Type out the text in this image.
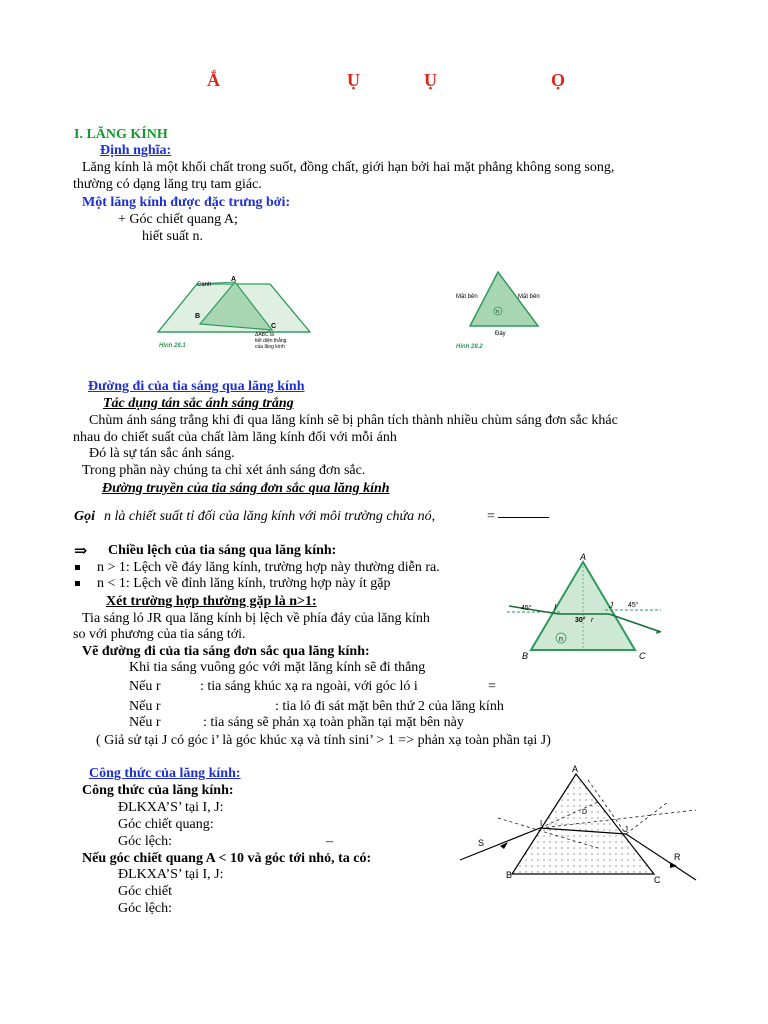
Ắ	Ụ	Ụ	Ọ
I. LĂNG KÍNH
Định nghĩa:
Lăng kính là một khối chất trong suốt, đồng chất, giới hạn bởi hai mặt phẳng không song song,
thường có dạng lăng trụ tam giác.
Một lăng kính được đặc trưng bởi:
+ Góc chiết quang A;
hiết suất n.
Cạnh
A
B
C
ΔABC là
tiết diện thẳng
của lăng kính
Hình 28.1
n
Mặt bên	Mặt bên
Đáy
Hình 28.2
Đường đi của tia sáng qua lăng kính
Tác dụng tán sắc ánh sáng trắng
Chùm ánh sáng trắng khi đi qua lăng kính sẽ bị phân tích thành nhiều chùm sáng đơn sắc khác
nhau do chiết suất của chất làm lăng kính đối với mỗi ánh
Đó là sự tán sắc ánh sáng.
Trong phần này chúng ta chỉ xét ánh sáng đơn sắc.
Đường truyền của tia sáng đơn sắc qua lăng kính
Gọi n là chiết suất tỉ đối của lăng kính với môi trường chứa nó,	=
⇒ Chiều lệch của tia sáng qua lăng kính:
n > 1: Lệch về đáy lăng kính, trường hợp này thường diễn ra.
n < 1: Lệch về đỉnh lăng kính, trường hợp này ít gặp
Xét trường hợp thường gặp là n>1:
Tia sáng ló JR qua lăng kính bị lệch về phía đáy của lăng kính
so với phương của tia sáng tới.
Vẽ đường đi của tia sáng đơn sắc qua lăng kính:
Khi tia sáng vuông góc với mặt lăng kính sẽ đi thẳng
Nếu r	: tia sáng khúc xạ ra ngoài, với góc ló i	=
Nếu r	: tia ló đi sát mặt bên thứ 2 của lăng kính
Nếu r	: tia sáng sẽ phản xạ toàn phần tại mặt bên này
( Giả sử tại J có góc i’ là góc khúc xạ và tính sini’ > 1 => phản xạ toàn phần tại J)
n
A
B	C
I	J
45°	45°
30° r
Công thức của lăng kính:
Công thức của lăng kính:
ĐLKXA’S’ tại I, J:
Góc chiết quang:
Góc lệch:	–
Nếu góc chiết quang A < 10 và góc tới nhỏ, ta có:
ĐLKXA’S’ tại I, J:
Góc chiết
Góc lệch:
A
B	C
S
R
I
J
D
